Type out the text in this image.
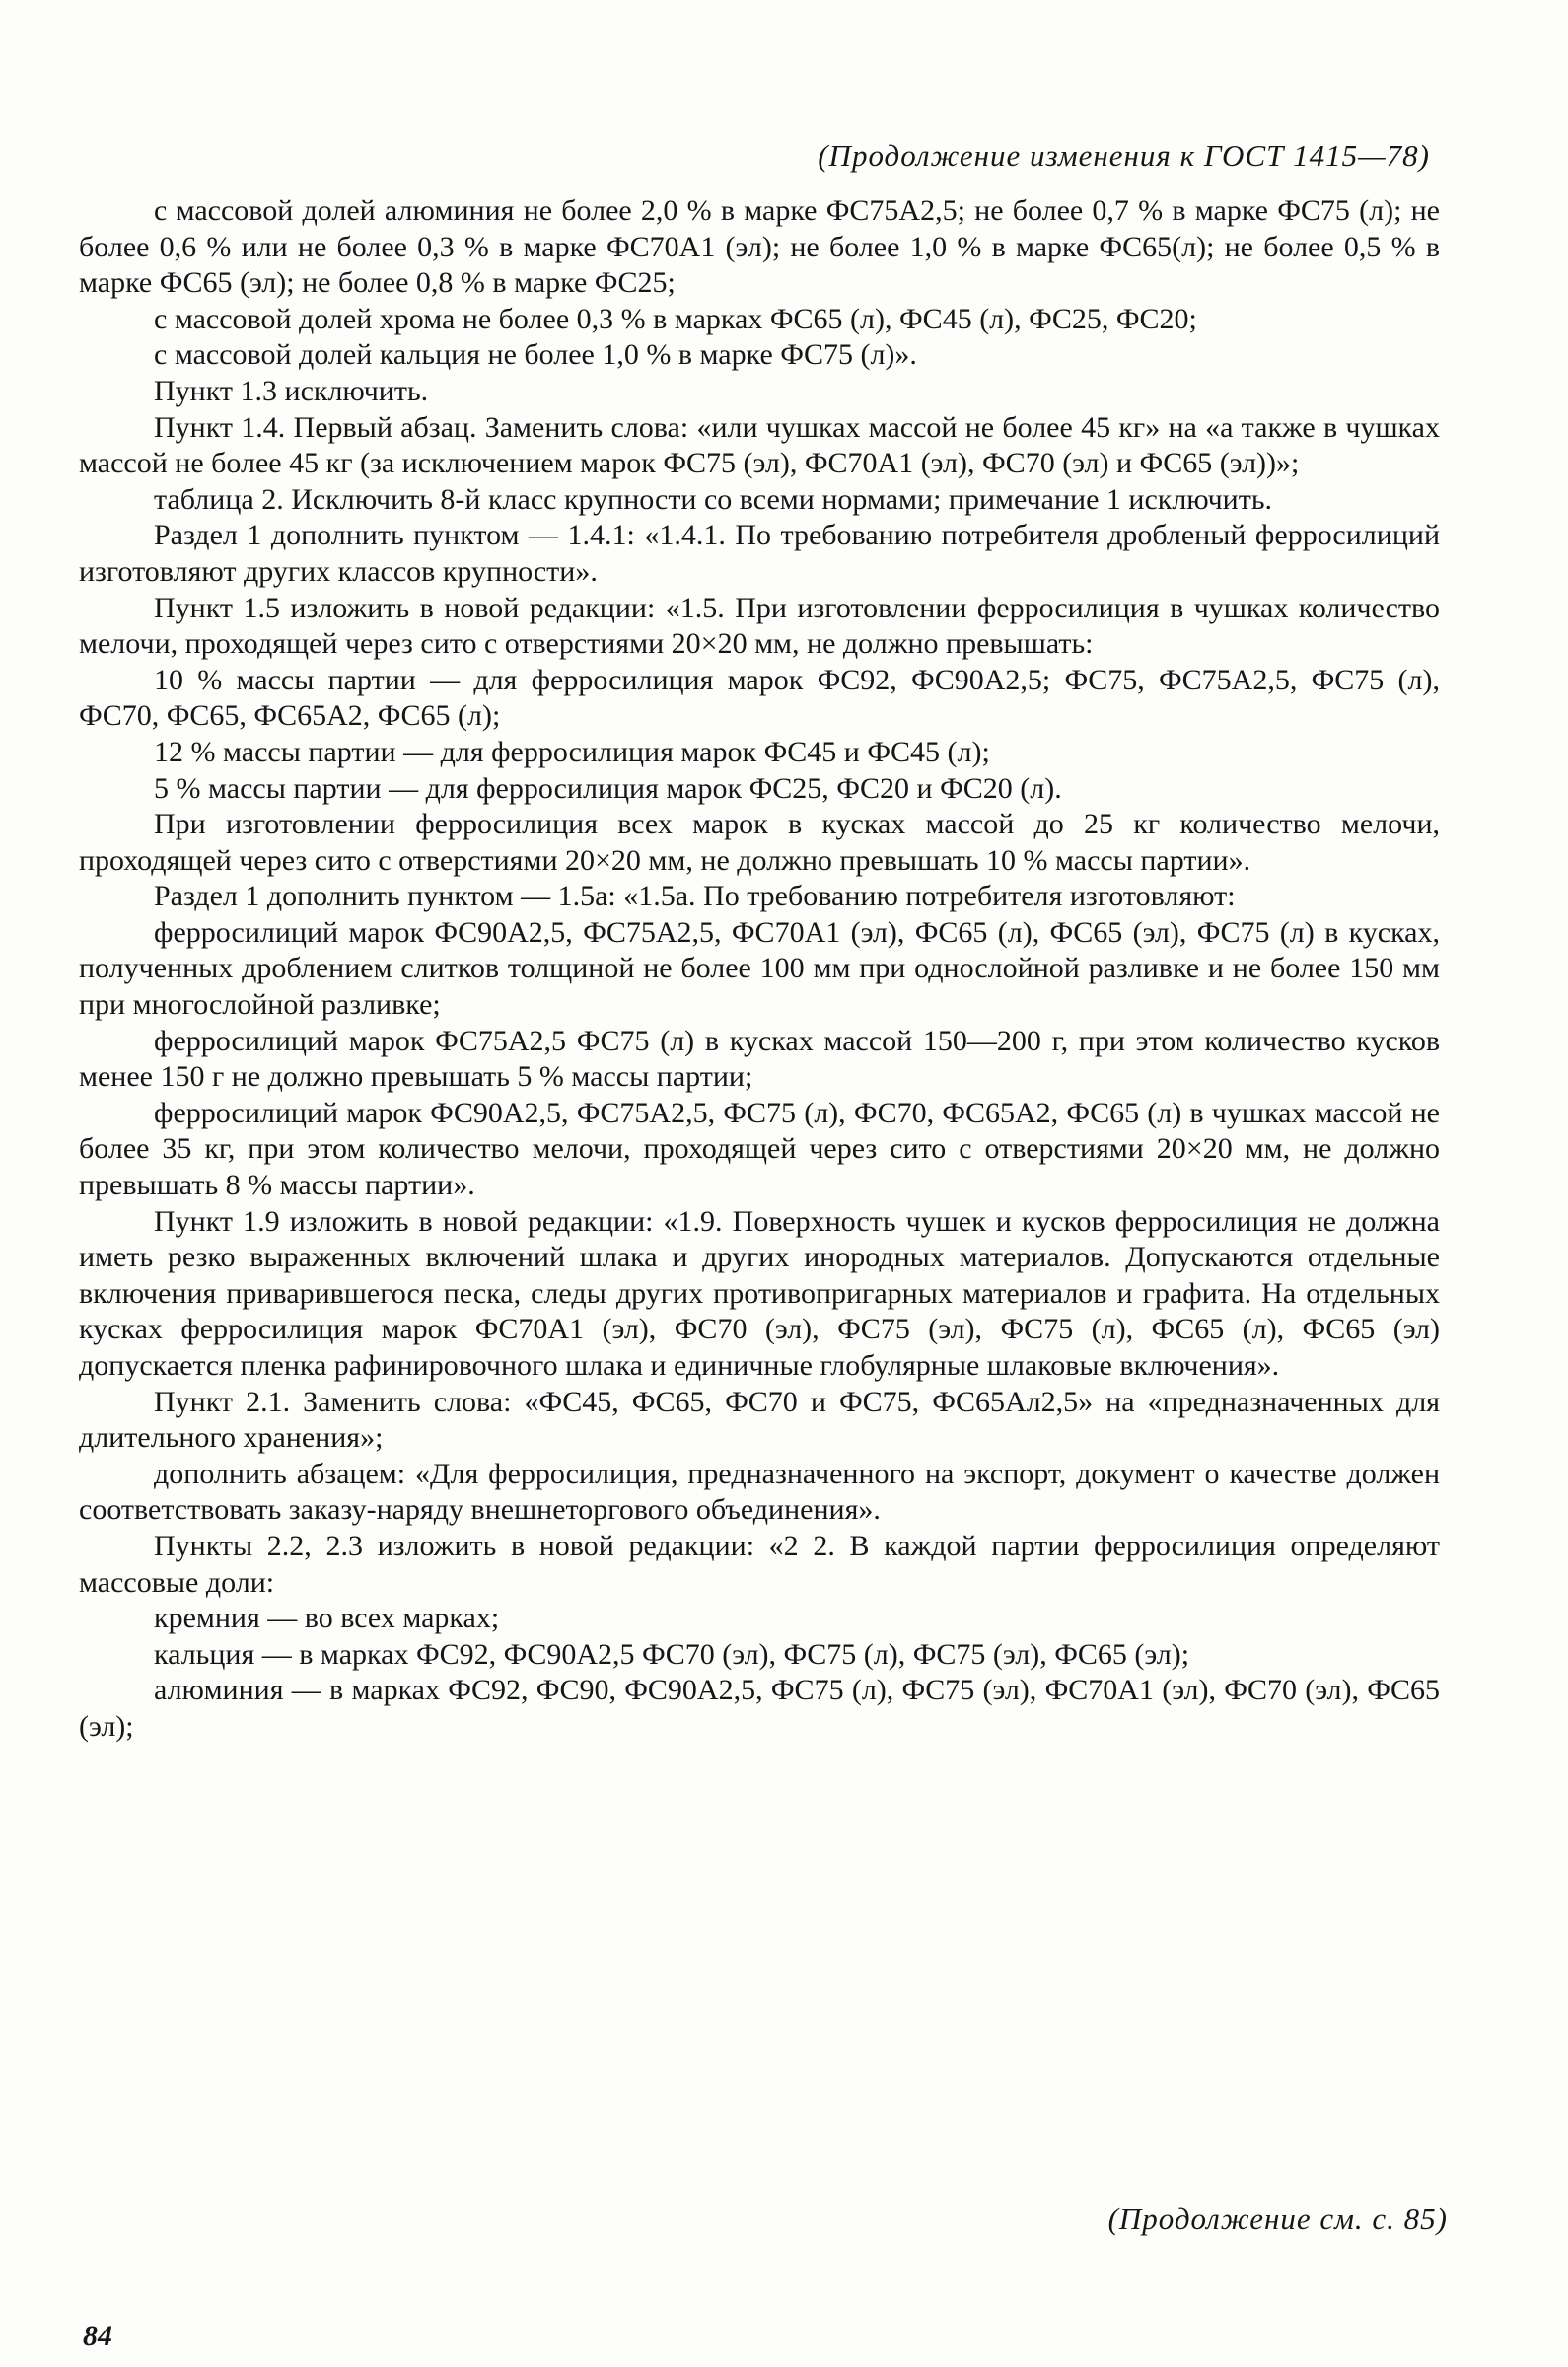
(Продолжение изменения к ГОСТ 1415—78)

с массовой долей алюминия не более 2,0 % в марке ФС75А2,5; не более 0,7 % в марке ФС75 (л); не более 0,6 % или не более 0,3 % в марке ФС70А1 (эл); не более 1,0 % в марке ФС65(л); не более 0,5 % в марке ФС65 (эл); не более 0,8 % в марке ФС25;

с массовой долей хрома не более 0,3 % в марках ФС65 (л), ФС45 (л), ФС25, ФС20;

с массовой долей кальция не более 1,0 % в марке ФС75 (л)».

Пункт 1.3 исключить.

Пункт 1.4. Первый абзац. Заменить слова: «или чушках массой не более 45 кг» на «а также в чушках массой не более 45 кг (за исключением марок ФС75 (эл), ФС70А1 (эл), ФС70 (эл) и ФС65 (эл))»;

таблица 2. Исключить 8-й класс крупности со всеми нормами; примечание 1 исключить.

Раздел 1 дополнить пунктом — 1.4.1: «1.4.1. По требованию потребителя дробленый ферросилиций изготовляют других классов крупности».

Пункт 1.5 изложить в новой редакции: «1.5. При изготовлении ферросилиция в чушках количество мелочи, проходящей через сито с отверстиями 20×20 мм, не должно превышать:

10 % массы партии — для ферросилиция марок ФС92, ФС90А2,5; ФС75, ФС75А2,5, ФС75 (л), ФС70, ФС65, ФС65А2, ФС65 (л);

12 % массы партии — для ферросилиция марок ФС45 и ФС45 (л);

5 % массы партии — для ферросилиция марок ФС25, ФС20 и ФС20 (л).

При изготовлении ферросилиция всех марок в кусках массой до 25 кг количество мелочи, проходящей через сито с отверстиями 20×20 мм, не должно превышать 10 % массы партии».

Раздел 1 дополнить пунктом — 1.5а: «1.5а. По требованию потребителя изготовляют:

ферросилиций марок ФС90А2,5, ФС75А2,5, ФС70А1 (эл), ФС65 (л), ФС65 (эл), ФС75 (л) в кусках, полученных дроблением слитков толщиной не более 100 мм при однослойной разливке и не более 150 мм при многослойной разливке;

ферросилиций марок ФС75А2,5 ФС75 (л) в кусках массой 150—200 г, при этом количество кусков менее 150 г не должно превышать 5 % массы партии;

ферросилиций марок ФС90А2,5, ФС75А2,5, ФС75 (л), ФС70, ФС65А2, ФС65 (л) в чушках массой не более 35 кг, при этом количество мелочи, проходящей через сито с отверстиями 20×20 мм, не должно превышать 8 % массы партии».

Пункт 1.9 изложить в новой редакции: «1.9. Поверхность чушек и кусков ферросилиция не должна иметь резко выраженных включений шлака и других инородных материалов. Допускаются отдельные включения приварившегося песка, следы других противопригарных материалов и графита. На отдельных кусках ферросилиция марок ФС70А1 (эл), ФС70 (эл), ФС75 (эл), ФС75 (л), ФС65 (л), ФС65 (эл) допускается пленка рафинировочного шлака и единичные глобулярные шлаковые включения».

Пункт 2.1. Заменить слова: «ФС45, ФС65, ФС70 и ФС75, ФС65Ал2,5» на «предназначенных для длительного хранения»;

дополнить абзацем: «Для ферросилиция, предназначенного на экспорт, документ о качестве должен соответствовать заказу-наряду внешнеторгового объединения».

Пункты 2.2, 2.3 изложить в новой редакции: «2 2. В каждой партии ферросилиция определяют массовые доли:

кремния — во всех марках;

кальция — в марках ФС92, ФС90А2,5 ФС70 (эл), ФС75 (л), ФС75 (эл), ФС65 (эл);

алюминия — в марках ФС92, ФС90, ФС90А2,5, ФС75 (л), ФС75 (эл), ФС70А1 (эл), ФС70 (эл), ФС65 (эл);

(Продолжение см. с. 85)
84
